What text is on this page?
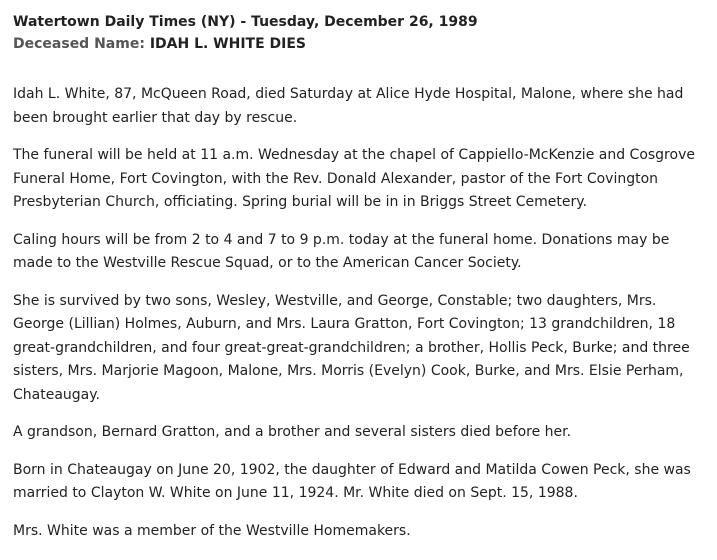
Watertown Daily Times (NY) - Tuesday, December 26, 1989
Deceased Name: IDAH L. WHITE DIES

Idah L. White, 87, McQueen Road, died Saturday at Alice Hyde Hospital, Malone, where she had been brought earlier that day by rescue.

The funeral will be held at 11 a.m. Wednesday at the chapel of Cappiello-McKenzie and Cosgrove Funeral Home, Fort Covington, with the Rev. Donald Alexander, pastor of the Fort Covington Presbyterian Church, officiating. Spring burial will be in in Briggs Street Cemetery.

Caling hours will be from 2 to 4 and 7 to 9 p.m. today at the funeral home. Donations may be made to the Westville Rescue Squad, or to the American Cancer Society.

She is survived by two sons, Wesley, Westville, and George, Constable; two daughters, Mrs. George (Lillian) Holmes, Auburn, and Mrs. Laura Gratton, Fort Covington; 13 grandchildren, 18 great-grandchildren, and four great-great-grandchildren; a brother, Hollis Peck, Burke; and three sisters, Mrs. Marjorie Magoon, Malone, Mrs. Morris (Evelyn) Cook, Burke, and Mrs. Elsie Perham, Chateaugay.

A grandson, Bernard Gratton, and a brother and several sisters died before her.

Born in Chateaugay on June 20, 1902, the daughter of Edward and Matilda Cowen Peck, she was married to Clayton W. White on June 11, 1924. Mr. White died on Sept. 15, 1988.

Mrs. White was a member of the Westville Homemakers.
